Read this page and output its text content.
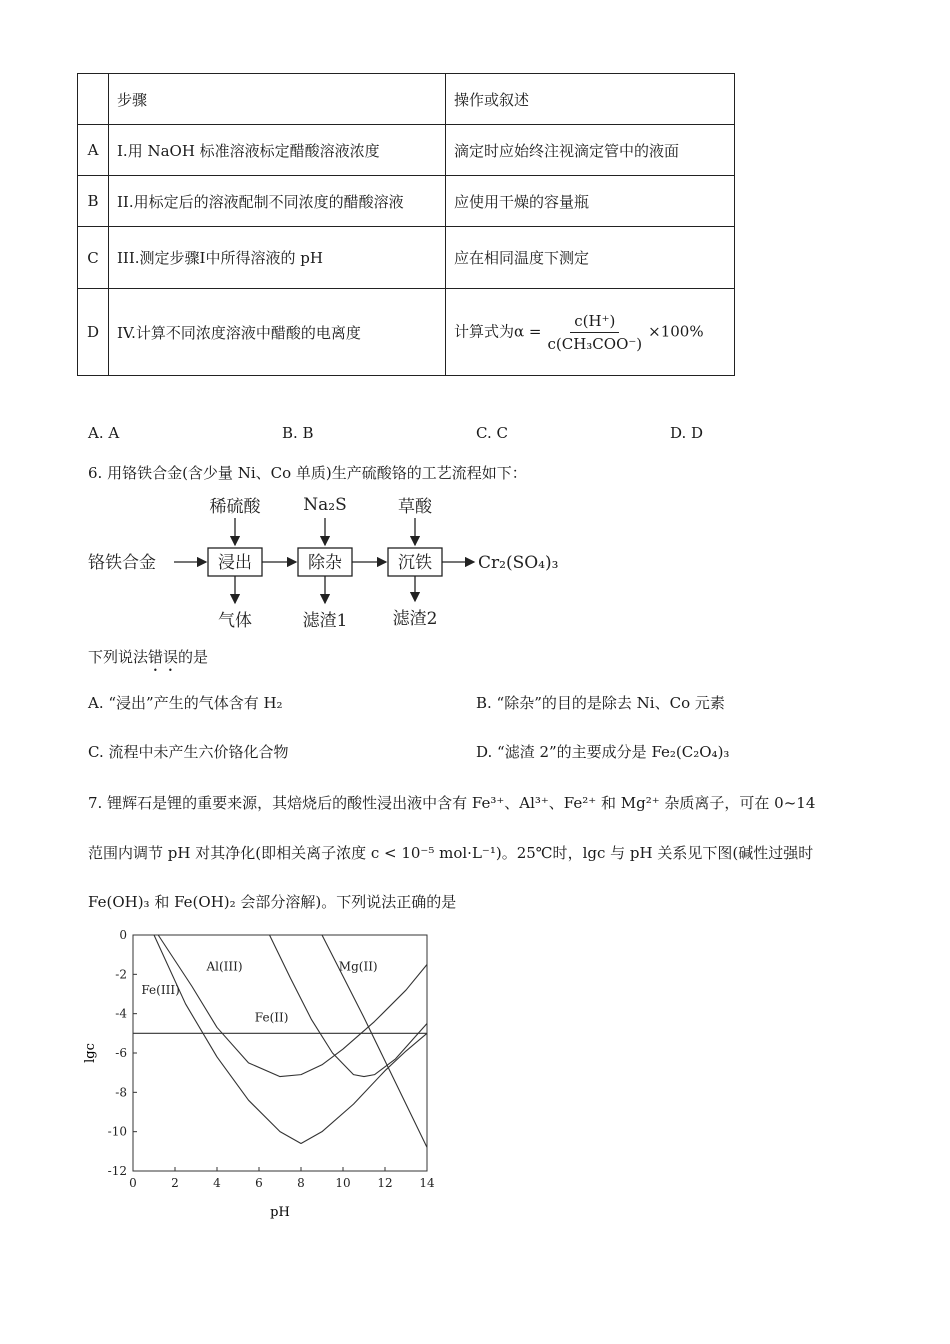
	步骤	操作或叙述
A	I.用 NaOH 标准溶液标定醋酸溶液浓度	滴定时应始终注视滴定管中的液面
B	II.用标定后的溶液配制不同浓度的醋酸溶液	应使用干燥的容量瓶
C	III.测定步骤I中所得溶液的 pH	应在相同温度下测定
D	IV.计算不同浓度溶液中醋酸的电离度	计算式为$\alpha = \frac{c(H^+)}{\text{c(CH₃COO⁻)}} \times 100\%$
A. A	B. B	C. C	D. D
6. 用铬铁合金(含少量 Ni、Co 单质)生产硫酸铬的工艺流程如下：
铬铁合金	浸出	除杂	沉铁	Cr₂(SO₄)₃
稀硫酸	Na₂S	草酸
气体	滤渣1	滤渣2
下列说法错误的是
A. “浸出”产生的气体含有 H₂	B. “除杂”的目的是除去 Ni、Co 元素
C. 流程中未产生六价铬化合物	D. “滤渣 2”的主要成分是 Fe₂(C₂O₄)₃
7. 锂辉石是锂的重要来源，其焙烧后的酸性浸出液中含有 Fe³⁺、Al³⁺、Fe²⁺ 和 Mg²⁺ 杂质离子，可在 0~14
范围内调节 pH 对其净化(即相关离子浓度 c < 10⁻⁵ mol·L⁻¹)。25℃时，lgc 与 pH 关系见下图(碱性过强时
Fe(OH)₃ 和 Fe(OH)₂ 会部分溶解)。下列说法正确的是
0	2	4	6	8	10 12 14
0
-2
-4
-6
-8
-10
-12
Fe(III)
Al(III)
Fe(II)
Mg(II)
pH
lgc
